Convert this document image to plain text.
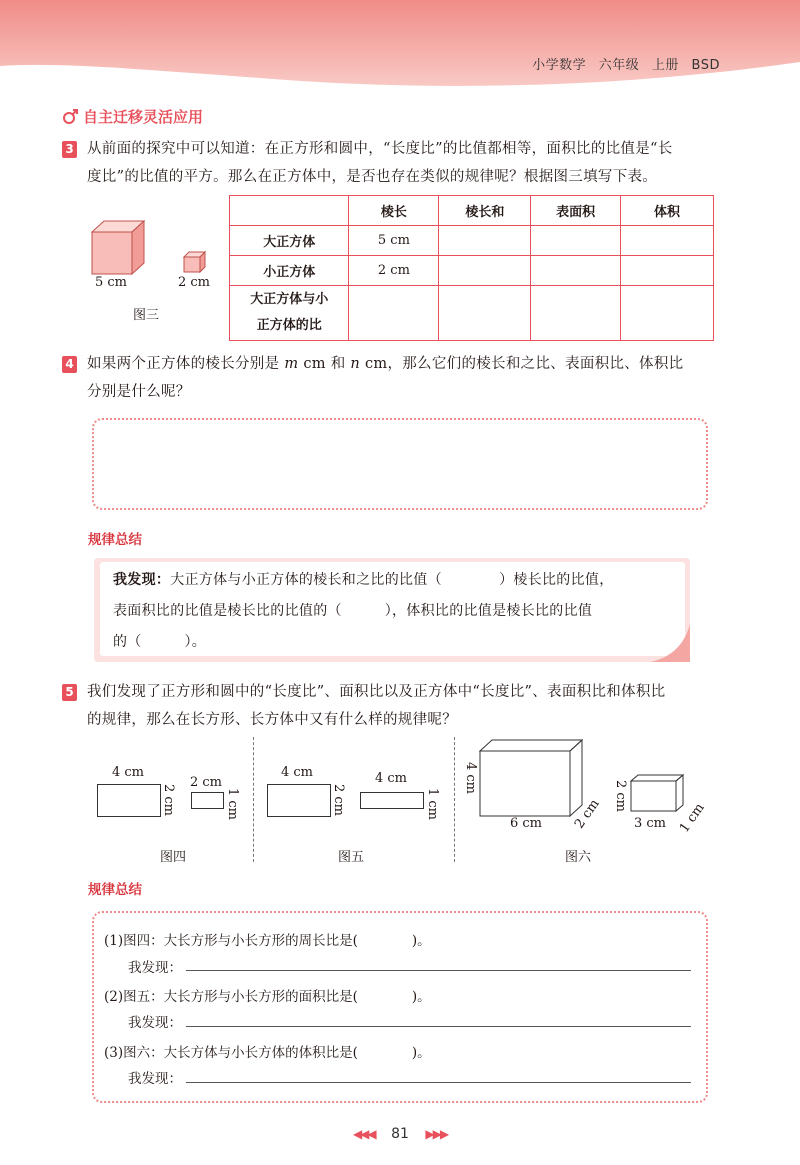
小学数学 六年级 上册 BSD
自主迁移灵活应用
3 从前面的探究中可以知道：在正方形和圆中，“长度比”的比值都相等，面积比的比值是“长
度比”的比值的平方。那么在正方体中，是否也存在类似的规律呢？根据图三填写下表。
5 cm	2 cm
图三
	棱长	棱长和	表面积	体积
大正方体	5 cm			
小正方体	2 cm			

大正方体与小
正方体的比				

4 如果两个正方体的棱长分别是 m cm 和 n cm，那么它们的棱长和之比、表面积比、体积比
分别是什么呢？
规律总结
我发现：大正方体与小正方体的棱长和之比的比值（　　　　）棱长比的比值，
表面积比的比值是棱长比的比值的（　　　），体积比的比值是棱长比的比值
的（　　　）。
5 我们发现了正方形和圆中的“长度比”、面积比以及正方体中“长度比”、表面积比和体积比
的规律，那么在长方形、长方体中又有什么样的规律呢？
4 cm
2 cm
2 cm
1 cm
图四
4 cm
2 cm
4 cm
1 cm
图五
4 cm
6 cm 2 cm
2 cm
3 cm 1 cm
图六
规律总结
(1)图四：大长方形与小长方形的周长比是(　　　　)。
我发现：
(2)图五：大长方形与小长方形的面积比是(　　　　)。
我发现：
(3)图六：大长方体与小长方体的体积比是(　　　　)。
我发现：
◀◀◀ 81 ▶▶▶
